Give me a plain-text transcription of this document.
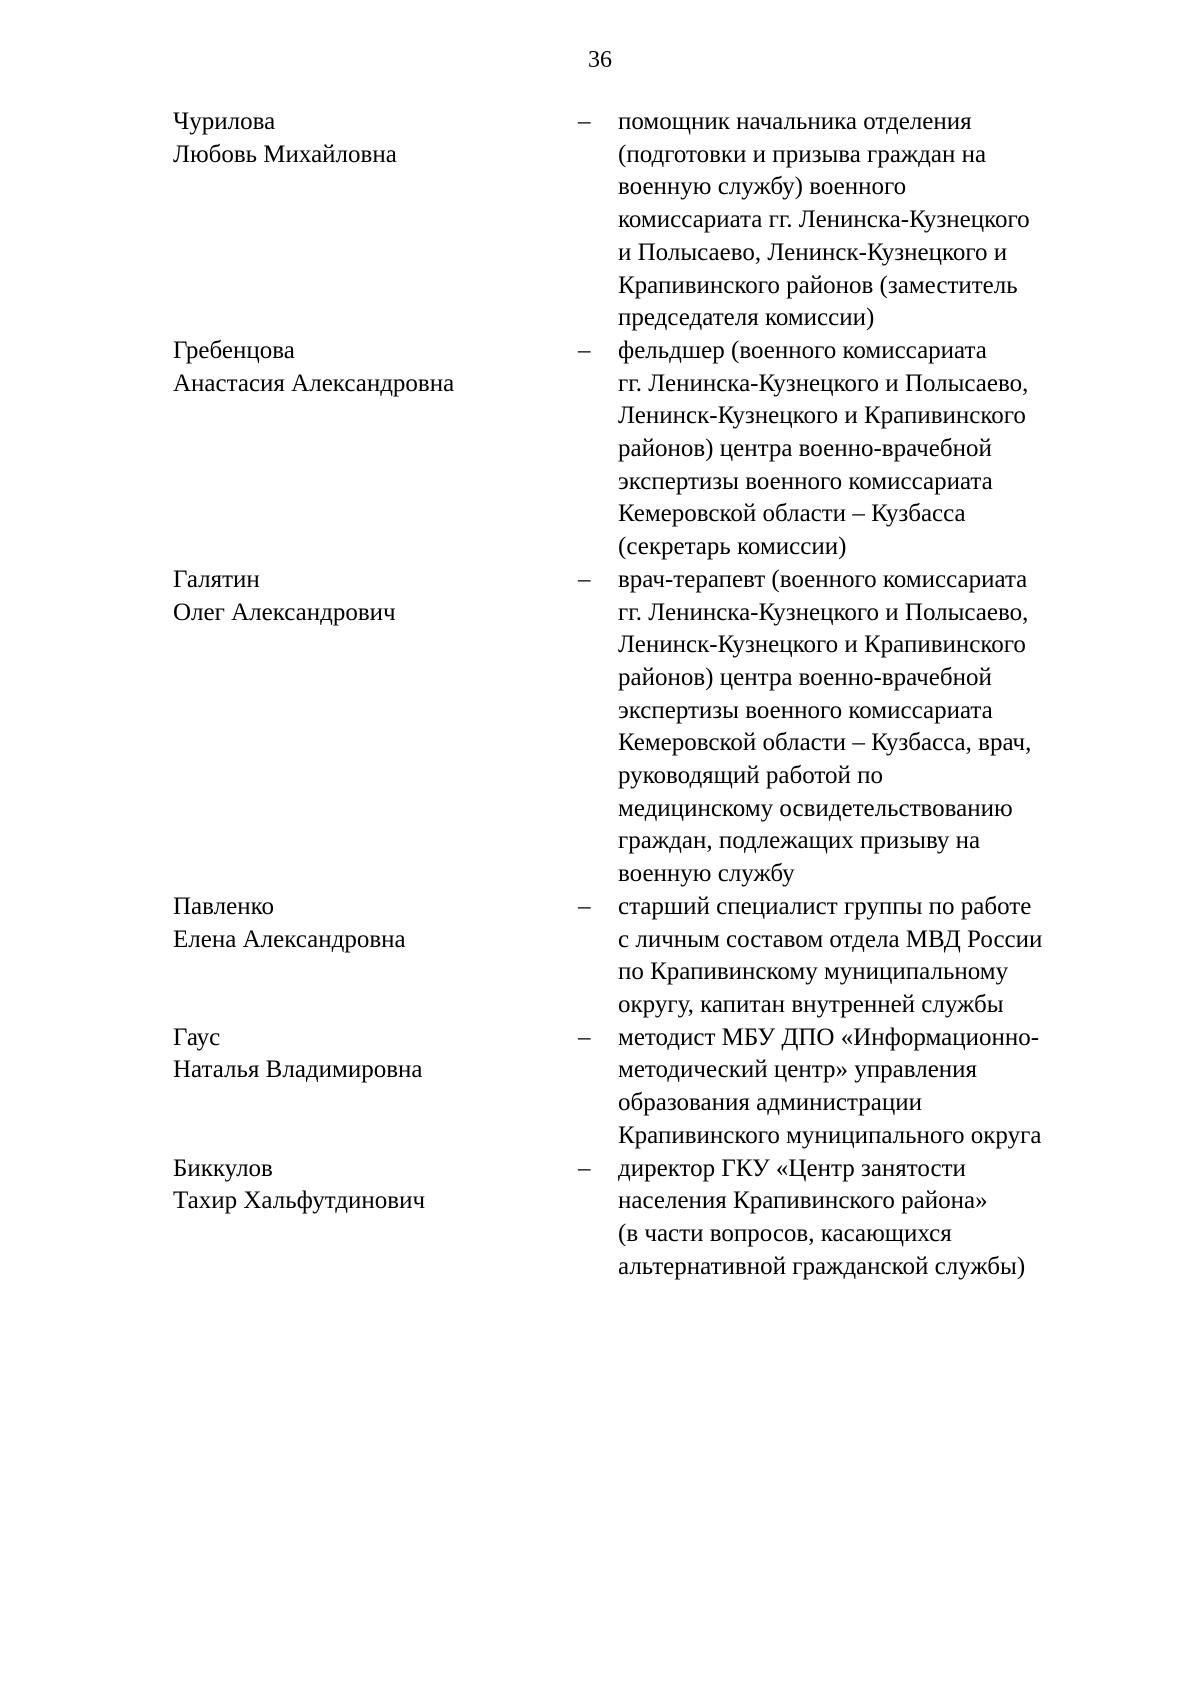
36
Чурилова
Любовь Михайловна
– помощник начальника отделения
(подготовки и призыва граждан на
военную службу) военного
комиссариата гг. Ленинска-Кузнецкого
и Полысаево, Ленинск-Кузнецкого и
Крапивинского районов (заместитель
председателя комиссии)
Гребенцова
Анастасия Александровна
– фельдшер (военного комиссариата
гг. Ленинска-Кузнецкого и Полысаево,
Ленинск-Кузнецкого и Крапивинского
районов) центра военно-врачебной
экспертизы военного комиссариата
Кемеровской области – Кузбасса
(секретарь комиссии)
Галятин
Олег Александрович
– врач-терапевт (военного комиссариата
гг. Ленинска-Кузнецкого и Полысаево,
Ленинск-Кузнецкого и Крапивинского
районов) центра военно-врачебной
экспертизы военного комиссариата
Кемеровской области – Кузбасса, врач,
руководящий работой по
медицинскому освидетельствованию
граждан, подлежащих призыву на
военную службу
Павленко
Елена Александровна
– старший специалист группы по работе
с личным составом отдела МВД России
по Крапивинскому муниципальному
округу, капитан внутренней службы
Гаус
Наталья Владимировна
– методист МБУ ДПО «Информационно-
методический центр» управления
образования администрации
Крапивинского муниципального округа
Биккулов
Тахир Хальфутдинович
– директор ГКУ «Центр занятости
населения Крапивинского района»
(в части вопросов, касающихся
альтернативной гражданской службы)
